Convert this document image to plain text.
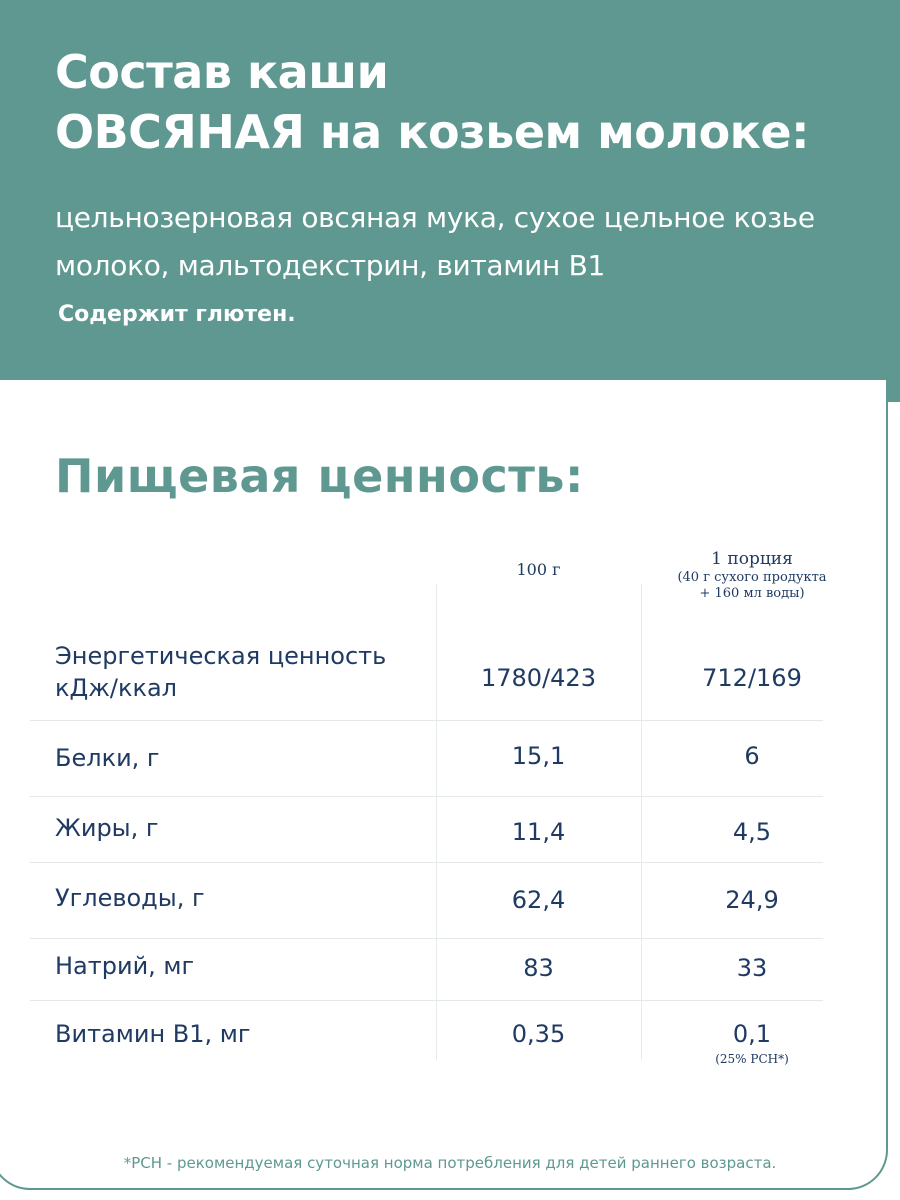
Состав каши
ОВСЯНАЯ на козьем молоке:

цельнозерновая овсяная мука, сухое цельное козье молоко, мальтодекстрин, витамин В1

Содержит глютен.

Пищевая ценность:
100 г
1 порция
(40 г сухого продукта
+ 160 мл воды)
Энергетическая ценность
кДж/ккал	1780/423	712/169
Белки, г	15,1	6
Жиры, г	11,4	4,5
Углеводы, г	62,4	24,9
Натрий, мг	83	33
Витамин В1, мг	0,35	0,1
(25% РСН*)
*РСН - рекомендуемая суточная норма потребления для детей раннего возраста.
